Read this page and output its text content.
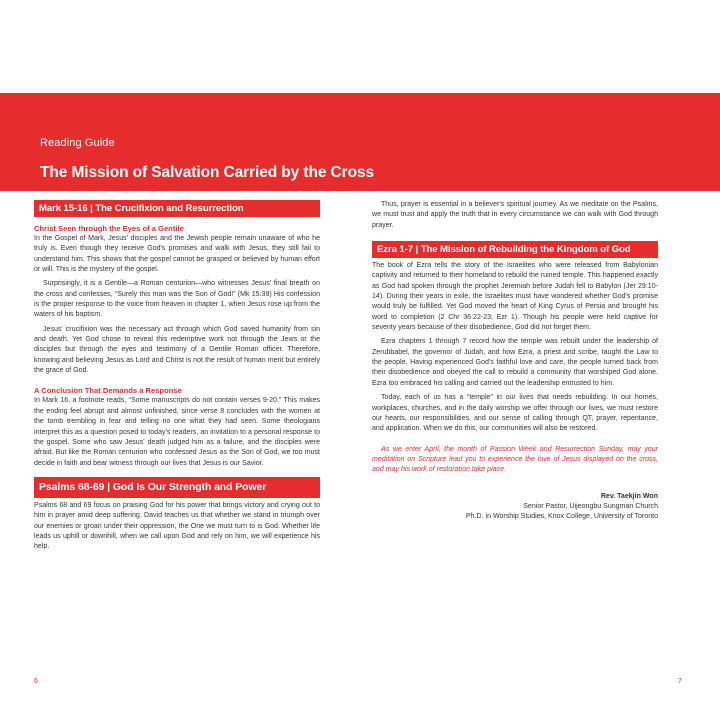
Reading Guide
The Mission of Salvation Carried by the Cross
Mark 15-16 | The Crucifixion and Resurrection
Christ Seen through the Eyes of a Gentile

In the Gospel of Mark, Jesus' disciples and the Jewish people remain unaware of who he truly is. Even though they receive God's promises and walk with Jesus, they still fail to understand him. This shows that the gospel cannot be grasped or believed by human effort or will. This is the mystery of the gospel.

Surprisingly, it is a Gentile—a Roman centurion—who witnesses Jesus' final breath on the cross and confesses, “Surely this man was the Son of God!” (Mk 15:39) His confession is the proper response to the voice from heaven in chapter 1, when Jesus rose up from the waters of his baptism.

Jesus' crucifixion was the necessary act through which God saved humanity from sin and death. Yet God chose to reveal this redemptive work not through the Jews or the disciples but through the eyes and testimony of a Gentile Roman officer. Therefore, knowing and believing Jesus as Lord and Christ is not the result of human merit but entirely the grace of God.

A Conclusion That Demands a Response

In Mark 16, a footnote reads, “Some manuscripts do not contain verses 9-20.” This makes the ending feel abrupt and almost unfinished, since verse 8 concludes with the women at the tomb trembling in fear and telling no one what they had seen. Some theologians interpret this as a question posed to today's readers, an invitation to a personal response to the gospel. Some who saw Jesus' death judged him as a failure, and the disciples were afraid. But like the Roman centurion who confessed Jesus as the Son of God, we too must decide in faith and bear witness through our lives that Jesus is our Savior.

Psalms 68-69 | God Is Our Strength and Power

Psalms 68 and 69 focus on praising God for his power that brings victory and crying out to him in prayer amid deep suffering. David teaches us that whether we stand in triumph over our enemies or groan under their oppression, the One we must turn to is God. Whether life leads us uphill or downhill, when we call upon God and rely on him, we will experience his help.

Thus, prayer is essential in a believer's spiritual journey. As we meditate on the Psalms, we must trust and apply the truth that in every circumstance we can walk with God through prayer.

Ezra 1-7 | The Mission of Rebuilding the Kingdom of God

The book of Ezra tells the story of the Israelites who were released from Babylonian captivity and returned to their homeland to rebuild the ruined temple. This happened exactly as God had spoken through the prophet Jeremiah before Judah fell to Babylon (Jer 29:10-14). During their years in exile, the Israelites must have wondered whether God's promise would truly be fulfilled. Yet God moved the heart of King Cyrus of Persia and brought his word to completion (2 Chr 36:22-23; Ezr 1). Though his people were held captive for seventy years because of their disobedience, God did not forget them.

Ezra chapters 1 through 7 record how the temple was rebuilt under the leadership of Zerubbabel, the governor of Judah, and how Ezra, a priest and scribe, taught the Law to the people. Having experienced God's faithful love and care, the people turned back from their disobedience and obeyed the call to rebuild a community that worshiped God alone. Ezra too embraced his calling and carried out the leadership entrusted to him.

Today, each of us has a “temple” in our lives that needs rebuilding. In our homes, workplaces, churches, and in the daily worship we offer through our lives, we must restore our hearts, our responsibilities, and our sense of calling through QT, prayer, repentance, and application. When we do this, our communities will also be restored.

As we enter April, the month of Passion Week and Resurrection Sunday, may your meditation on Scripture lead you to experience the love of Jesus displayed on the cross, and may his work of restoration take place.

Rev. Taekjin Won
Senior Pastor, Uijeongbu Sungman Church
Ph.D. in Worship Studies, Knox College, University of Toronto
6	7
